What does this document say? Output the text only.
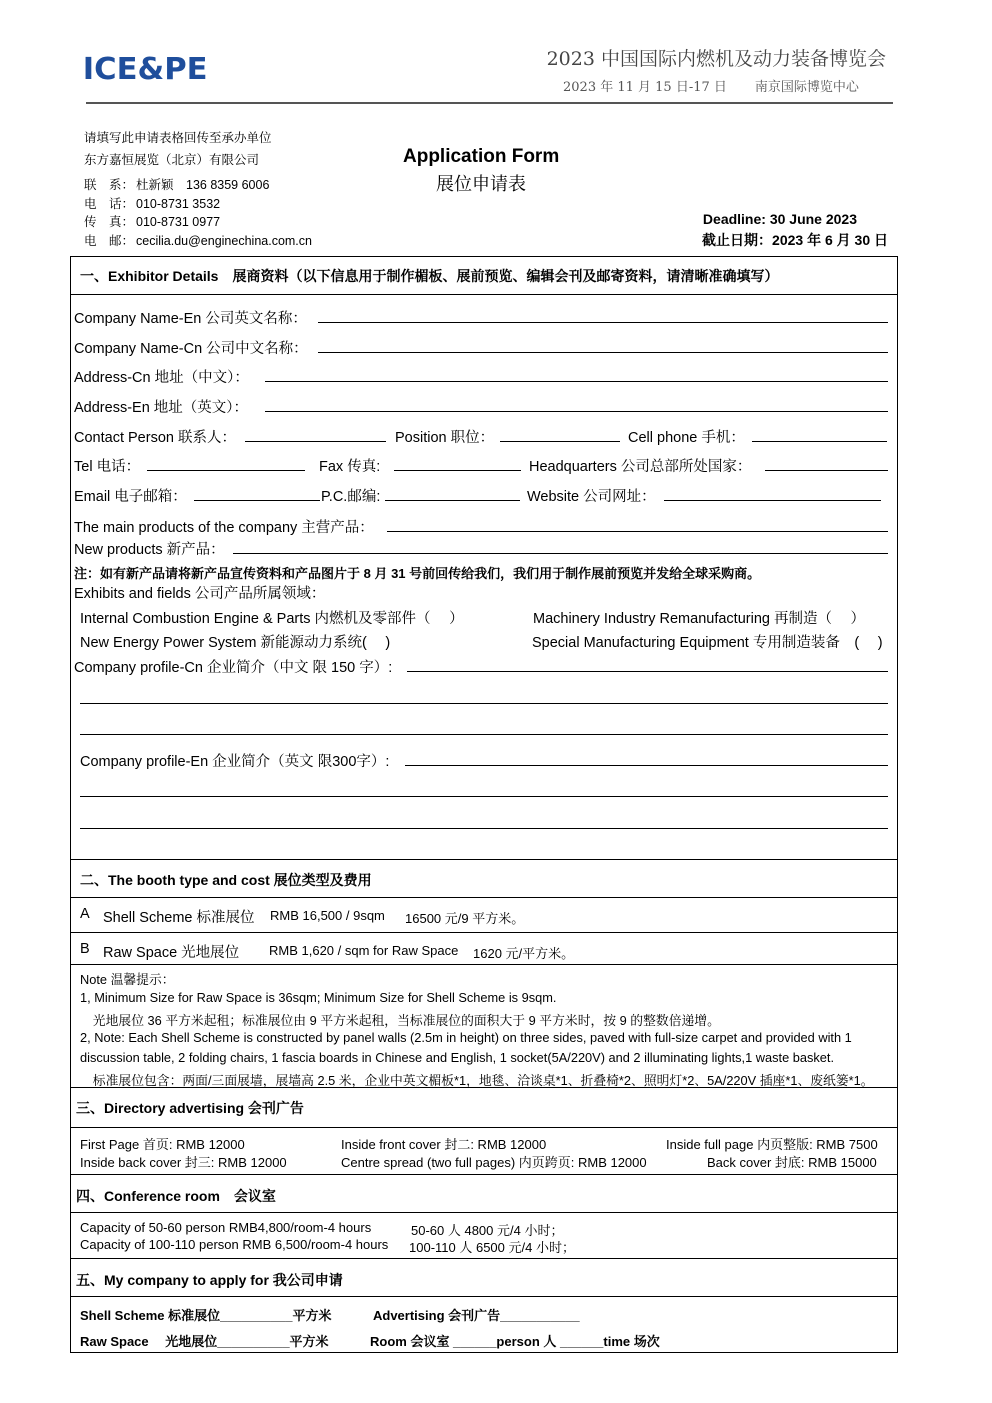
ICE&PE	2023 中国国际内燃机及动力装备博览会
2023 年 11 月 15 日-17 日 南京国际博览中心
请填写此申请表格回传至承办单位
东方嘉恒展览（北京）有限公司
联　系： 杜新颖　136 8359 6006
电　话： 010-8731 3532
传　真： 010-8731 0977
电　邮： cecilia.du@enginechina.com.cn
Application Form
展位申请表
Deadline: 30 June 2023
截止日期：2023 年 6 月 30 日
一、Exhibitor Details　展商资料（以下信息用于制作楣板、展前预览、编辑会刊及邮寄资料，请清晰准确填写）
Company Name-En 公司英文名称：
Company Name-Cn 公司中文名称：
Address-Cn 地址（中文）：
Address-En 地址（英文）：
Contact Person 联系人：	Position 职位：	Cell phone 手机：
Tel 电话：	Fax 传真:	Headquarters 公司总部所处国家：
Email 电子邮箱：	P.C.邮编:	Website 公司网址：
The main products of the company 主营产品：
New products 新产品：
注：如有新产品请将新产品宣传资料和产品图片于 8 月 31 号前回传给我们，我们用于制作展前预览并发给全球采购商。
Exhibits and fields 公司产品所属领域：
Internal Combustion Engine & Parts 内燃机及零部件（　 ）	Machinery Industry Remanufacturing 再制造（　 ）
New Energy Power System 新能源动力系统(　 )	Special Manufacturing Equipment 专用制造装备　(　 )
Company profile-Cn 企业简介（中文 限 150 字）:
Company profile-En 企业简介（英文 限300字）:
二、The booth type and cost 展位类型及费用
A Shell Scheme 标准展位 RMB 16,500 / 9sqm 16500 元/9 平方米。
B Raw Space 光地展位 RMB 1,620 / sqm for Raw Space 1620 元/平方米。
Note 温馨提示：
1, Minimum Size for Raw Space is 36sqm; Minimum Size for Shell Scheme is 9sqm.
　光地展位 36 平方米起租；标准展位由 9 平方米起租，当标准展位的面积大于 9 平方米时，按 9 的整数倍递增。
2, Note: Each Shell Scheme is constructed by panel walls (2.5m in height) on three sides, paved with full-size carpet and provided with 1
discussion table, 2 folding chairs, 1 fascia boards in Chinese and English, 1 socket(5A/220V) and 2 illuminating lights,1 waste basket.
　标准展位包含：两面/三面展墙，展墙高 2.5 米，企业中英文楣板*1，地毯、洽谈桌*1、折叠椅*2、照明灯*2、5A/220V 插座*1、废纸篓*1。
三、Directory advertising 会刊广告
First Page 首页: RMB 12000	Inside front cover 封二: RMB 12000	Inside full page 内页整版: RMB 7500
Inside back cover 封三: RMB 12000	Centre spread (two full pages) 内页跨页: RMB 12000	Back cover 封底: RMB 15000
四、Conference room　会议室
Capacity of 50-60 person RMB4,800/room-4 hours	50-60 人 4800 元/4 小时；
Capacity of 100-110 person RMB 6,500/room-4 hours 100-110 人 6500 元/4 小时；
五、My company to apply for 我公司申请
Shell Scheme 标准展位__________平方米	Advertising 会刊广告___________
Raw Space　 光地展位__________平方米	Room 会议室 ______person 人 ______time 场次
